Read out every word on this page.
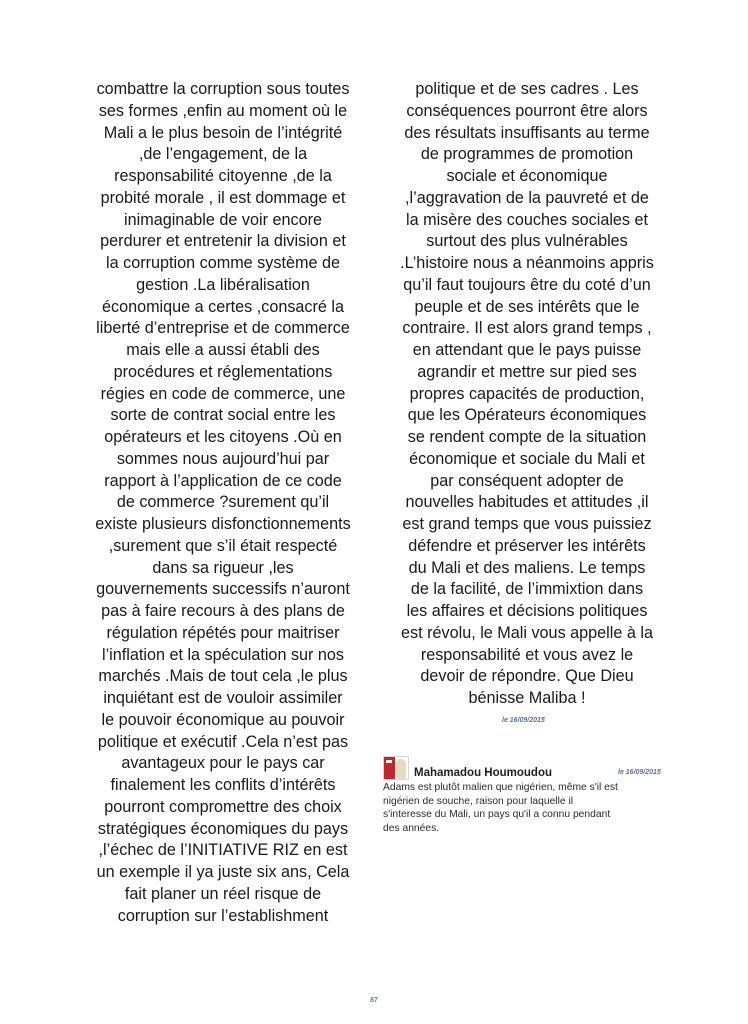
combattre la corruption sous toutes
ses formes ,enfin au moment où le
Mali a le plus besoin de l’intégrité
,de l’engagement, de la
responsabilité citoyenne ,de la
probité morale , il est dommage et
inimaginable de voir encore
perdurer et entretenir la division et
la corruption comme système de
gestion .La libéralisation
économique a certes ,consacré la
liberté d’entreprise et de commerce
mais elle a aussi établi des
procédures et réglementations
régies en code de commerce, une
sorte de contrat social entre les
opérateurs et les citoyens .Où en
sommes nous aujourd’hui par
rapport à l’application de ce code
de commerce ?surement qu’il
existe plusieurs disfonctionnements
,surement que s’il était respecté
dans sa rigueur ,les
gouvernements successifs n’auront
pas à faire recours à des plans de
régulation répétés pour maitriser
l’inflation et la spéculation sur nos
marchés .Mais de tout cela ,le plus
inquiétant est de vouloir assimiler
le pouvoir économique au pouvoir
politique et exécutif .Cela n’est pas
avantageux pour le pays car
finalement les conflits d’intérêts
pourront compromettre des choix
stratégiques économiques du pays
,l’échec de l’INITIATIVE RIZ en est
un exemple il ya juste six ans, Cela
fait planer un réel risque de
corruption sur l’establishment
politique et de ses cadres . Les
conséquences pourront être alors
des résultats insuffisants au terme
de programmes de promotion
sociale et économique
,l’aggravation de la pauvreté et de
la misère des couches sociales et
surtout des plus vulnérables
.L’histoire nous a néanmoins appris
qu’il faut toujours être du coté d’un
peuple et de ses intérêts que le
contraire. Il est alors grand temps ,
en attendant que le pays puisse
agrandir et mettre sur pied ses
propres capacités de production,
que les Opérateurs économiques
se rendent compte de la situation
économique et sociale du Mali et
par conséquent adopter de
nouvelles habitudes et attitudes ,il
est grand temps que vous puissiez
défendre et préserver les intérêts
du Mali et des maliens. Le temps
de la facilité, de l’immixtion dans
les affaires et décisions politiques
est révolu, le Mali vous appelle à la
responsabilité et vous avez le
devoir de répondre. Que Dieu
bénisse Maliba !
le 16/09/2015
Mahamadou Houmoudou	le 16/09/2015
Adams est plutôt malien que nigérien, même s'il est
nigérien de souche, raison pour laquelle il
s'interesse du Mali, un pays qu'il a connu pendant
des années.
87
